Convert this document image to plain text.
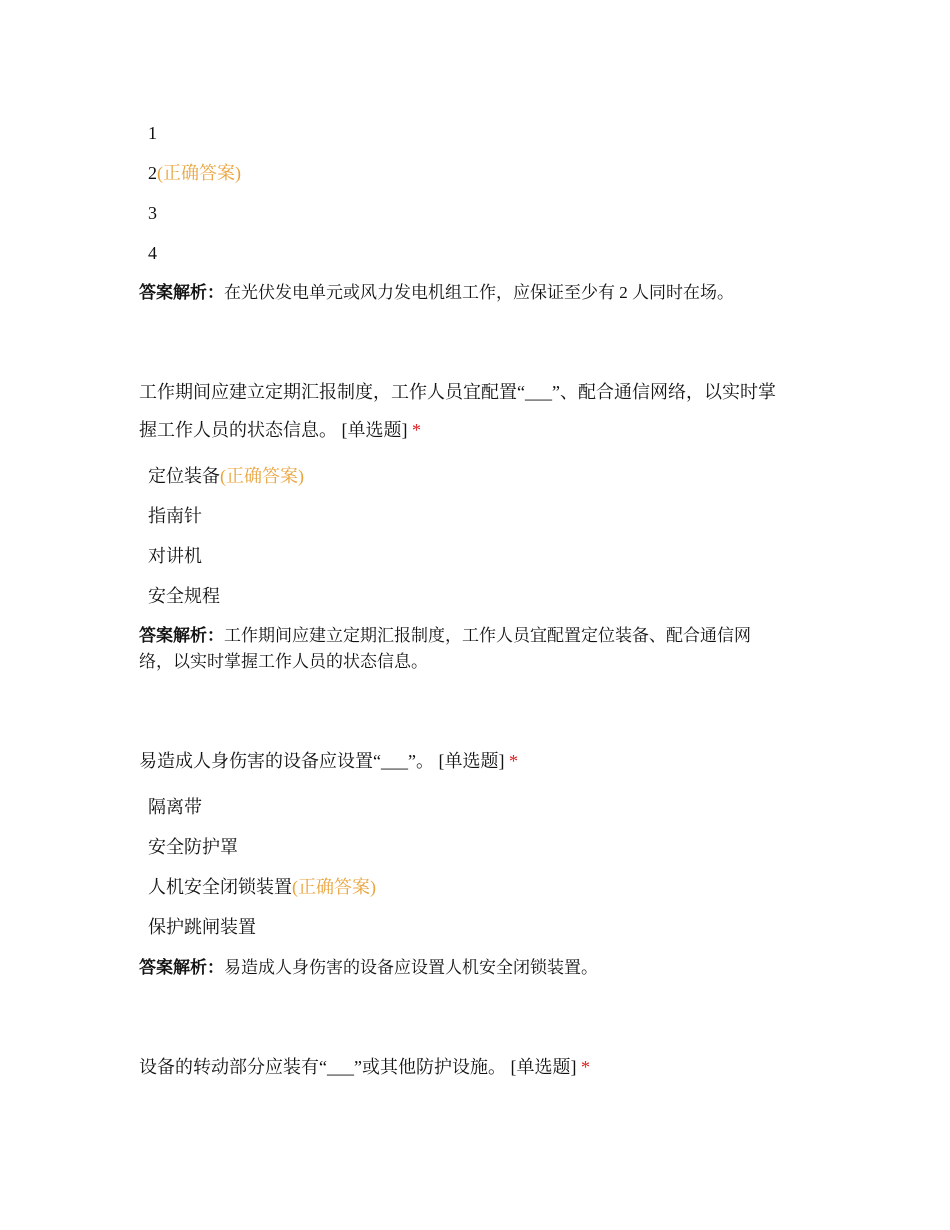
1
2(正确答案)
3
4
答案解析：在光伏发电单元或风力发电机组工作，应保证至少有 2 人同时在场。
工作期间应建立定期汇报制度，工作人员宜配置“___”、配合通信网络，以实时掌
握工作人员的状态信息。 [单选题] *
定位装备(正确答案)
指南针
对讲机
安全规程
答案解析：工作期间应建立定期汇报制度，工作人员宜配置定位装备、配合通信网
络，以实时掌握工作人员的状态信息。
易造成人身伤害的设备应设置“___”。 [单选题] *
隔离带
安全防护罩
人机安全闭锁装置(正确答案)
保护跳闸装置
答案解析：易造成人身伤害的设备应设置人机安全闭锁装置。
设备的转动部分应装有“___”或其他防护设施。 [单选题] *
